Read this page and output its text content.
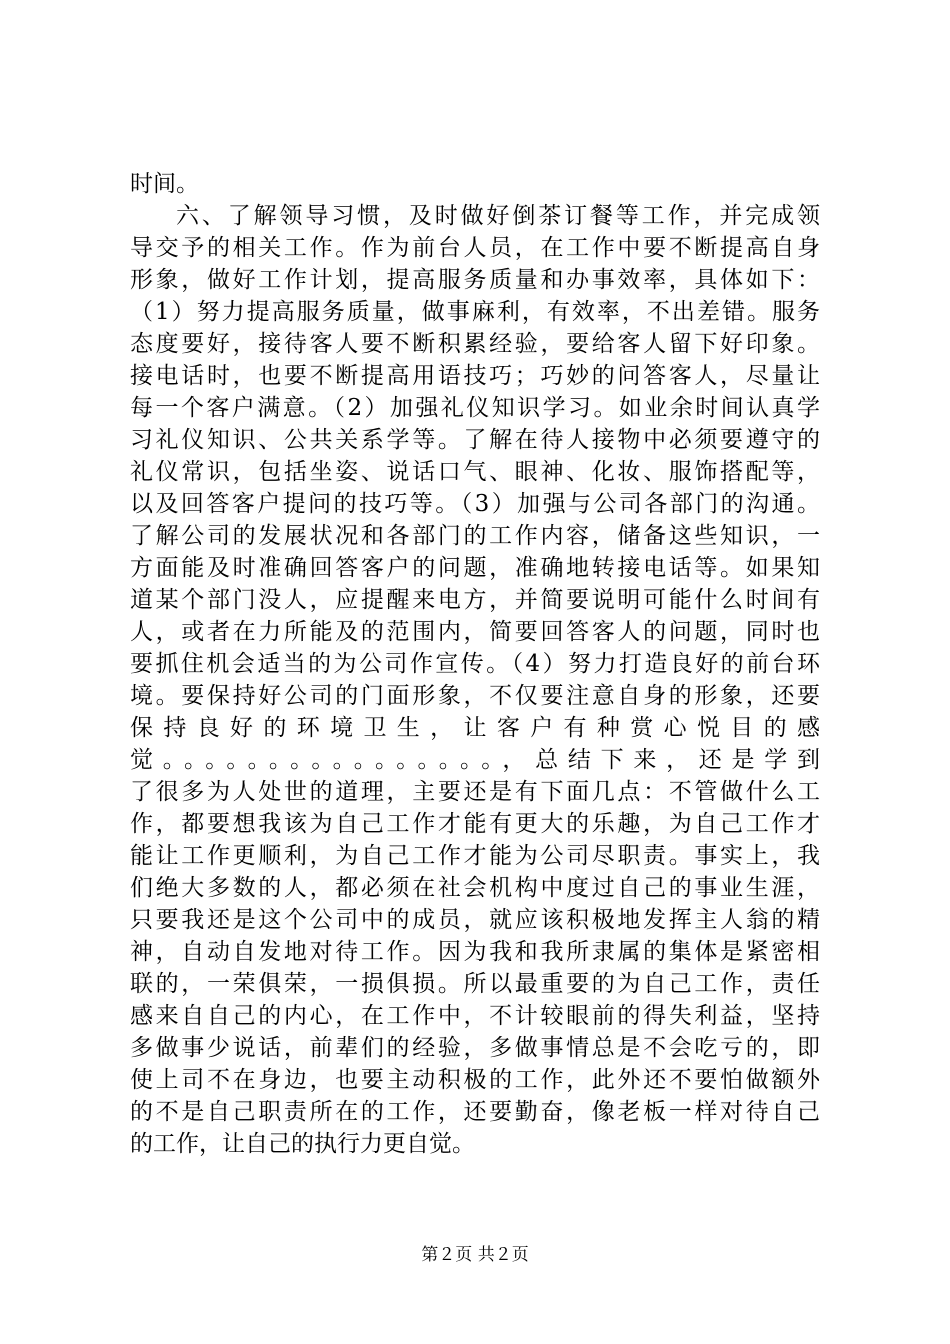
时间。
六、了解领导习惯，及时做好倒茶订餐等工作，并完成领
导交予的相关工作。作为前台人员，在工作中要不断提高自身
形象，做好工作计划，提高服务质量和办事效率，具体如下：
（1）努力提高服务质量，做事麻利，有效率，不出差错。服务
态度要好，接待客人要不断积累经验，要给客人留下好印象。
接电话时，也要不断提高用语技巧；巧妙的问答客人，尽量让
每一个客户满意。（2）加强礼仪知识学习。如业余时间认真学
习礼仪知识、公共关系学等。了解在待人接物中必须要遵守的
礼仪常识，包括坐姿、说话口气、眼神、化妆、服饰搭配等，
以及回答客户提问的技巧等。（3）加强与公司各部门的沟通。
了解公司的发展状况和各部门的工作内容，储备这些知识，一
方面能及时准确回答客户的问题，准确地转接电话等。如果知
道某个部门没人，应提醒来电方，并简要说明可能什么时间有
人，或者在力所能及的范围内，简要回答客人的问题，同时也
要抓住机会适当的为公司作宣传。（4）努力打造良好的前台环
境。要保持好公司的门面形象，不仅要注意自身的形象，还要
保持良好的环境卫生，让客户有种赏心悦目的感
觉。。。。。。。。。。。。。。。。，总结下来，还是学到
了很多为人处世的道理，主要还是有下面几点：不管做什么工
作，都要想我该为自己工作才能有更大的乐趣，为自己工作才
能让工作更顺利，为自己工作才能为公司尽职责。事实上，我
们绝大多数的人，都必须在社会机构中度过自己的事业生涯，
只要我还是这个公司中的成员，就应该积极地发挥主人翁的精
神，自动自发地对待工作。因为我和我所隶属的集体是紧密相
联的，一荣俱荣，一损俱损。所以最重要的为自己工作，责任
感来自自己的内心，在工作中，不计较眼前的得失利益，坚持
多做事少说话，前辈们的经验，多做事情总是不会吃亏的，即
使上司不在身边，也要主动积极的工作，此外还不要怕做额外
的不是自己职责所在的工作，还要勤奋，像老板一样对待自己
的工作，让自己的执行力更自觉。
第２页 共２页
